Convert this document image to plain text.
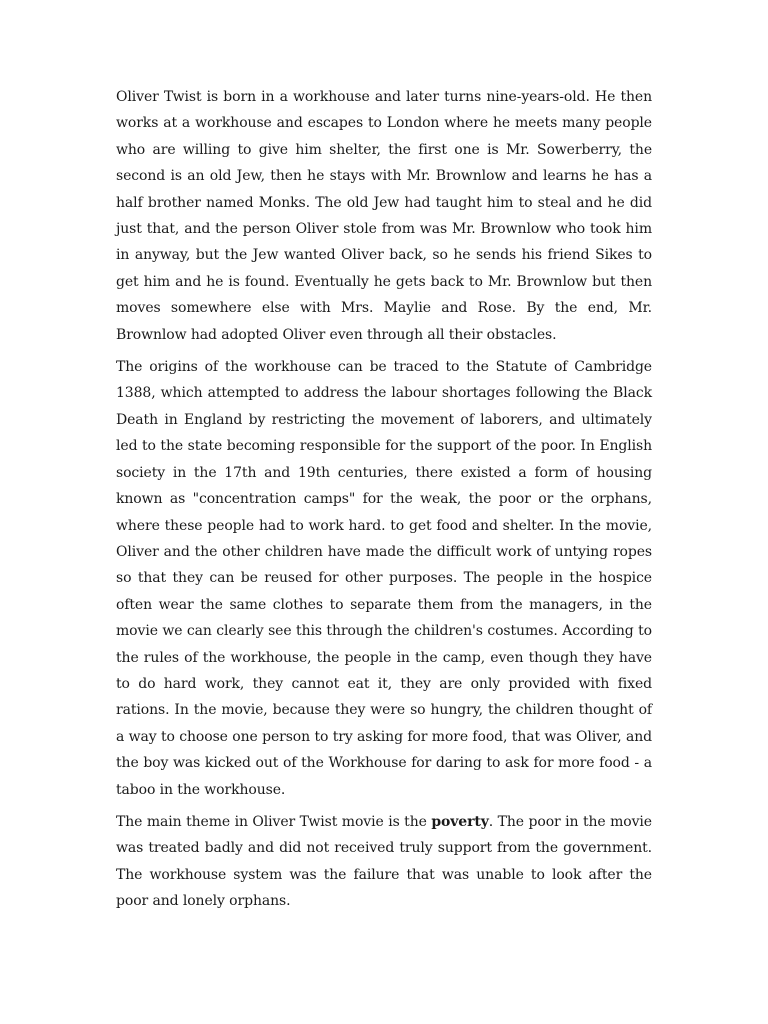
Oliver Twist is born in a workhouse and later turns nine-years-old. He then works at a workhouse and escapes to London where he meets many people who are willing to give him shelter, the first one is Mr. Sowerberry, the second is an old Jew, then he stays with Mr. Brownlow and learns he has a half brother named Monks. The old Jew had taught him to steal and he did just that, and the person Oliver stole from was Mr. Brownlow who took him in anyway, but the Jew wanted Oliver back, so he sends his friend Sikes to get him and he is found. Eventually he gets back to Mr. Brownlow but then moves somewhere else with Mrs. Maylie and Rose. By the end, Mr. Brownlow had adopted Oliver even through all their obstacles.

The origins of the workhouse can be traced to the Statute of Cambridge 1388, which attempted to address the labour shortages following the Black Death in England by restricting the movement of laborers, and ultimately led to the state becoming responsible for the support of the poor. In English society in the 17th and 19th centuries, there existed a form of housing known as "concentration camps" for the weak, the poor or the orphans, where these people had to work hard. to get food and shelter. In the movie, Oliver and the other children have made the difficult work of untying ropes so that they can be reused for other purposes. The people in the hospice often wear the same clothes to separate them from the managers, in the movie we can clearly see this through the children's costumes. According to the rules of the workhouse, the people in the camp, even though they have to do hard work, they cannot eat it, they are only provided with fixed rations. In the movie, because they were so hungry, the children thought of a way to choose one person to try asking for more food, that was Oliver, and the boy was kicked out of the Workhouse for daring to ask for more food - a taboo in the workhouse.

The main theme in Oliver Twist movie is the poverty. The poor in the movie was treated badly and did not received truly support from the government. The workhouse system was the failure that was unable to look after the poor and lonely orphans.
